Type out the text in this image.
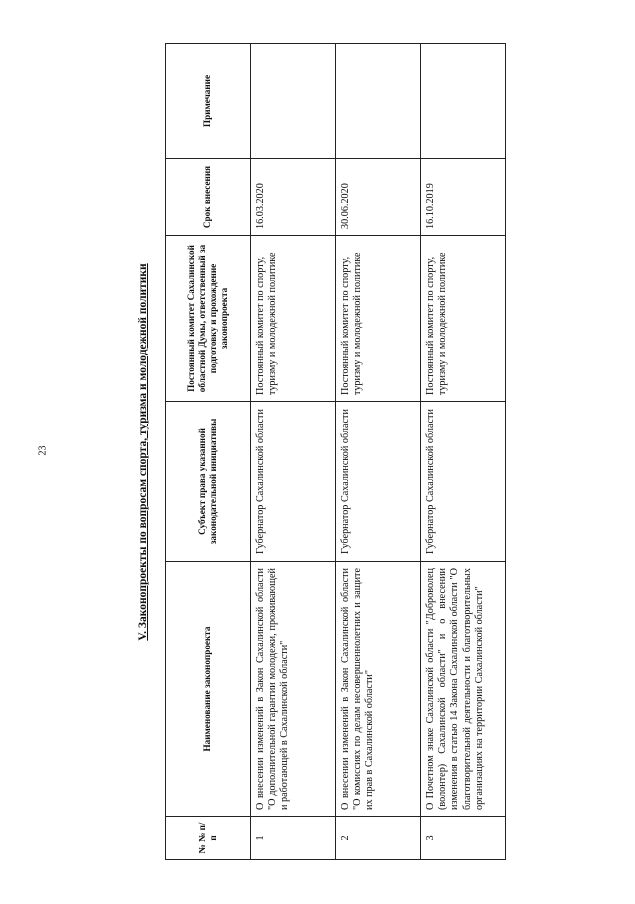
23	V. Законопроекты по вопросам спорта, туризма и молодежной политики
№ № п/п	Наименование законопроекта	Субъект права указанной законодательной инициативы	Постоянный комитет Сахалинской областной Думы, ответственный за подготовку и прохождение законопроекта	Срок внесения	Примечание
1	О внесении изменений в Закон Сахалинской области "О дополнительной гарантии молодежи, проживающей и работающей в Сахалинской области"	Губернатор Сахалинской области	Постоянный комитет по спорту, туризму и молодежной политике	16.03.2020	
2	О внесении изменений в Закон Сахалинской области "О комиссиях по делам несовершеннолетних и защите их прав в Сахалинской области"	Губернатор Сахалинской области	Постоянный комитет по спорту, туризму и молодежной политике	30.06.2020	
3	О Почетном знаке Сахалинской области "Доброволец (волонтер) Сахалинской области" и о внесении изменения в статью 14 Закона Сахалинской области "О благотворительной деятельности и благотворительных организациях на территории Сахалинской области"	Губернатор Сахалинской области	Постоянный комитет по спорту, туризму и молодежной политике	16.10.2019	
